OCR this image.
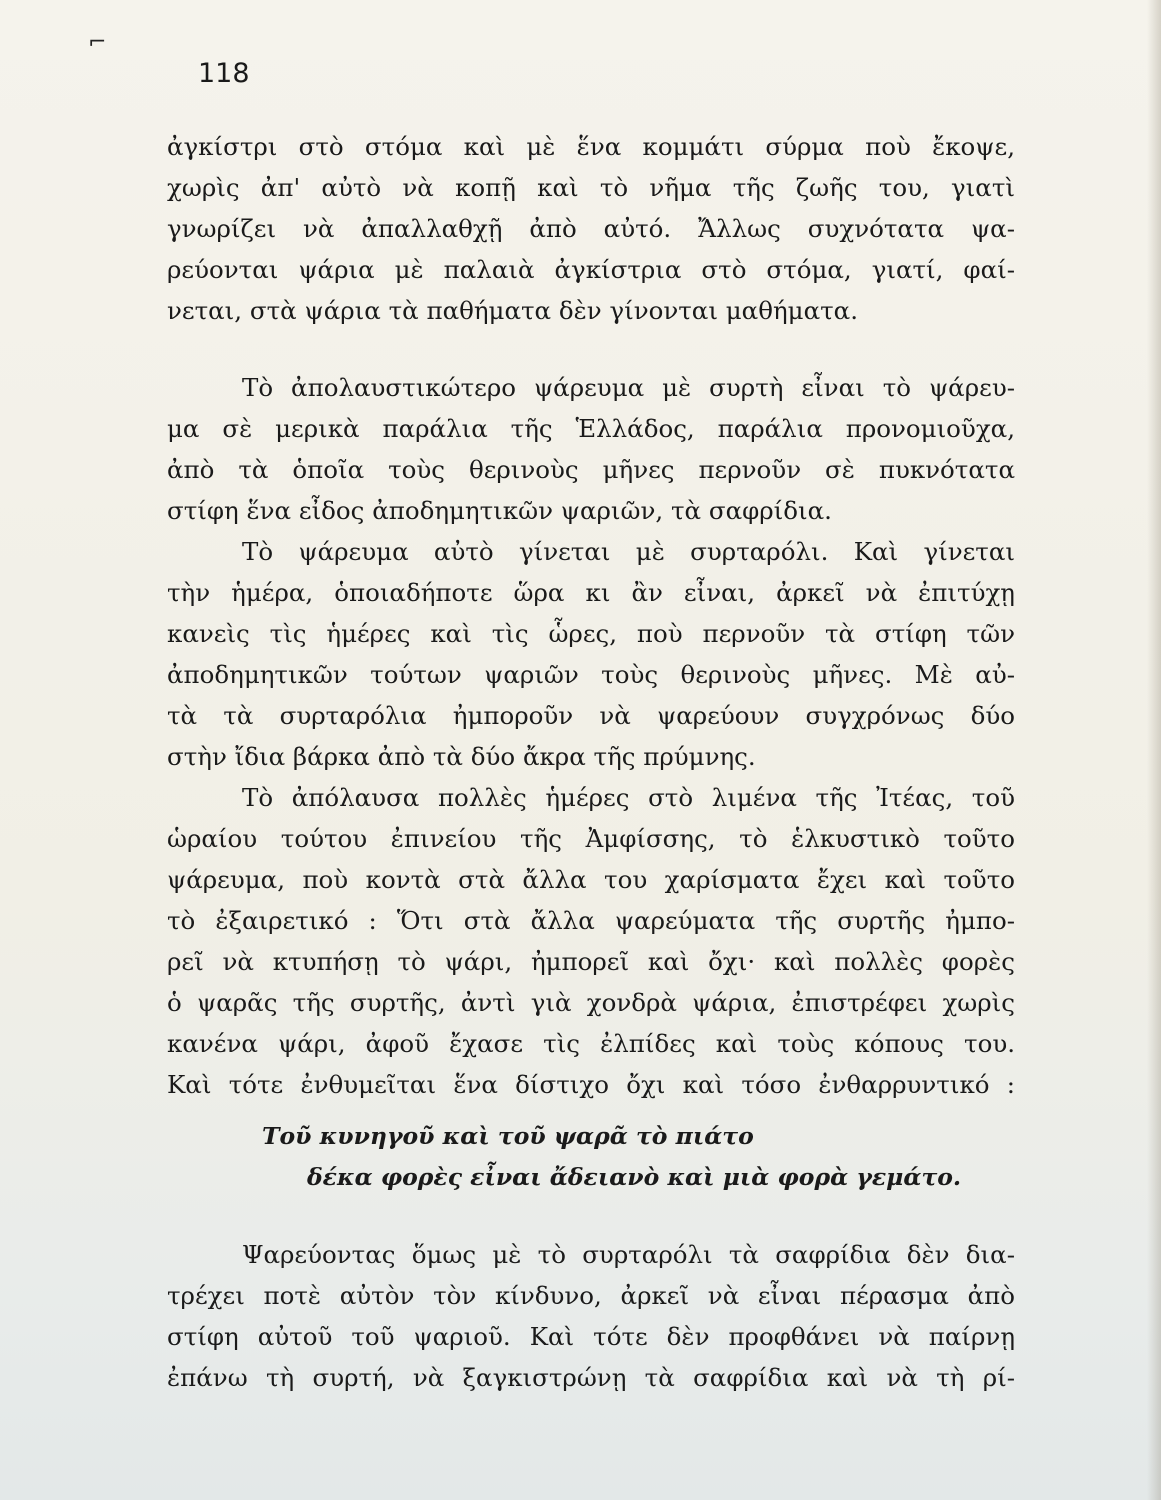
⌐
118
ἀγκίστρι στὸ στόμα καὶ μὲ ἕνα κομμάτι σύρμα ποὺ ἔκοψε,
χωρὶς ἀπ' αὐτὸ νὰ κοπῇ καὶ τὸ νῆμα τῆς ζωῆς του, γιατὶ
γνωρίζει νὰ ἀπαλλαθχῇ ἀπὸ αὐτό. Ἄλλως συχνότατα ψα-
ρεύονται ψάρια μὲ παλαιὰ ἀγκίστρια στὸ στόμα, γιατί, φαί-
νεται, στὰ ψάρια τὰ παθήματα δὲν γίνονται μαθήματα.
Τὸ ἀπολαυστικώτερο ψάρευμα μὲ συρτὴ εἶναι τὸ ψάρευ-
μα σὲ μερικὰ παράλια τῆς Ἑλλάδος, παράλια προνομιοῦχα,
ἀπὸ τὰ ὁποῖα τοὺς θερινοὺς μῆνες περνοῦν σὲ πυκνότατα
στίφη ἕνα εἶδος ἀποδημητικῶν ψαριῶν, τὰ σαφρίδια.
Τὸ ψάρευμα αὐτὸ γίνεται μὲ συρταρόλι. Καὶ γίνεται
τὴν ἡμέρα, ὁποιαδήποτε ὥρα κι ἂν εἶναι, ἀρκεῖ νὰ ἐπιτύχῃ
κανεὶς τὶς ἡμέρες καὶ τὶς ὧρες, ποὺ περνοῦν τὰ στίφη τῶν
ἀποδημητικῶν τούτων ψαριῶν τοὺς θερινοὺς μῆνες. Μὲ αὐ-
τὰ τὰ συρταρόλια ἠμποροῦν νὰ ψαρεύουν συγχρόνως δύο
στὴν ἴδια βάρκα ἀπὸ τὰ δύο ἄκρα τῆς πρύμνης.
Τὸ ἀπόλαυσα πολλὲς ἡμέρες στὸ λιμένα τῆς Ἰτέας, τοῦ
ὡραίου τούτου ἐπινείου τῆς Ἀμφίσσης, τὸ ἑλκυστικὸ τοῦτο
ψάρευμα, ποὺ κοντὰ στὰ ἄλλα του χαρίσματα ἔχει καὶ τοῦτο
τὸ ἐξαιρετικό : Ὅτι στὰ ἄλλα ψαρεύματα τῆς συρτῆς ἠμπο-
ρεῖ νὰ κτυπήσῃ τὸ ψάρι, ἠμπορεῖ καὶ ὄχι· καὶ πολλὲς φορὲς
ὁ ψαρᾶς τῆς συρτῆς, ἀντὶ γιὰ χονδρὰ ψάρια, ἐπιστρέφει χωρὶς
κανένα ψάρι, ἀφοῦ ἔχασε τὶς ἐλπίδες καὶ τοὺς κόπους του.
Καὶ τότε ἐνθυμεῖται ἕνα δίστιχο ὄχι καὶ τόσο ἐνθαρρυντικό :
Τοῦ κυνηγοῦ καὶ τοῦ ψαρᾶ τὸ πιάτο
δέκα φορὲς εἶναι ἄδειανὸ καὶ μιὰ φορὰ γεμάτο.
Ψαρεύοντας ὅμως μὲ τὸ συρταρόλι τὰ σαφρίδια δὲν δια-
τρέχει ποτὲ αὐτὸν τὸν κίνδυνο, ἀρκεῖ νὰ εἶναι πέρασμα ἀπὸ
στίφη αὐτοῦ τοῦ ψαριοῦ. Καὶ τότε δὲν προφθάνει νὰ παίρνῃ
ἐπάνω τὴ συρτή, νὰ ξαγκιστρώνῃ τὰ σαφρίδια καὶ νὰ τὴ ρί-
